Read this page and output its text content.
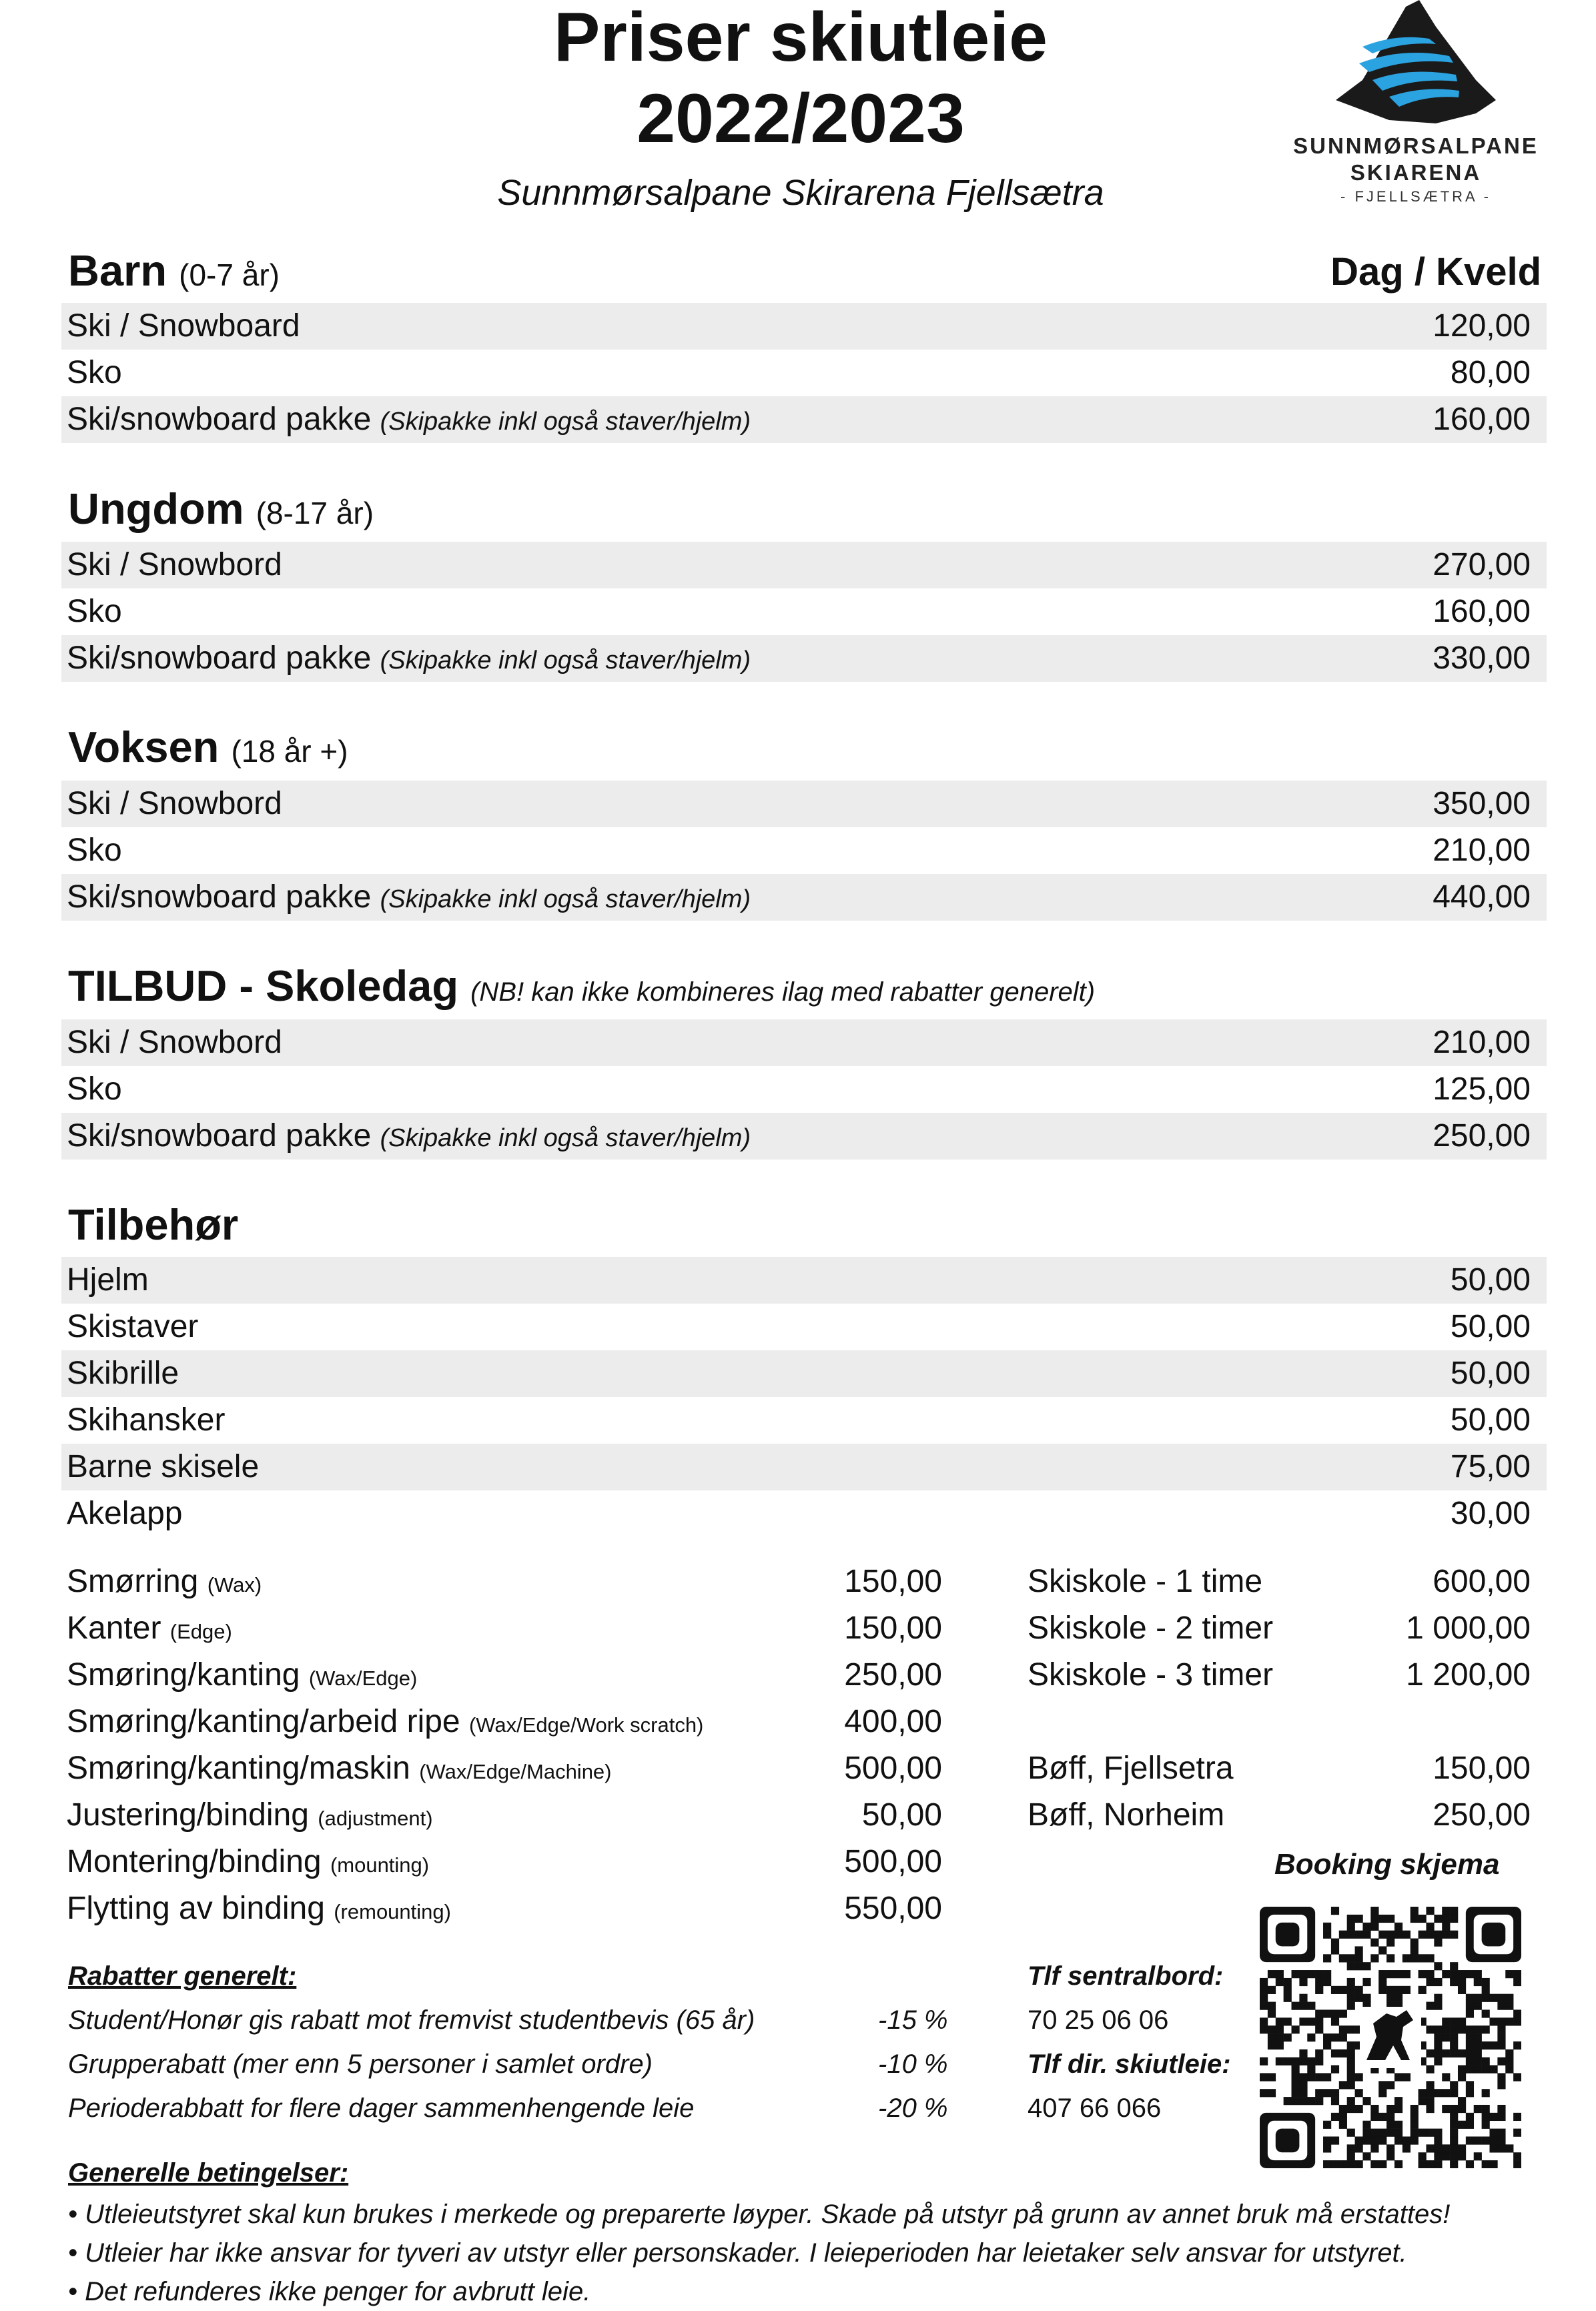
Priser skiutleie
2022/2023
Sunnmørsalpane Skirarena Fjellsætra
SUNNMØRSALPANE
SKIARENA
- FJELLSÆTRA -
Dag / Kveld
Barn (0-7 år)
Ski / Snowboard	120,00
Sko	80,00
Ski/snowboard pakke (Skipakke inkl også staver/hjelm)	160,00
Ungdom (8-17 år)
Ski / Snowbord	270,00
Sko	160,00
Ski/snowboard pakke (Skipakke inkl også staver/hjelm)	330,00
Voksen (18 år +)
Ski / Snowbord	350,00
Sko	210,00
Ski/snowboard pakke (Skipakke inkl også staver/hjelm)	440,00
TILBUD - Skoledag (NB! kan ikke kombineres ilag med rabatter generelt)
Ski / Snowbord	210,00
Sko	125,00
Ski/snowboard pakke (Skipakke inkl også staver/hjelm)	250,00
Tilbehør
Hjelm	50,00
Skistaver	50,00
Skibrille	50,00
Skihansker	50,00
Barne skisele	75,00
Akelapp	30,00
Smørring (Wax)	150,00
Kanter (Edge)	150,00
Smøring/kanting (Wax/Edge)	250,00
Smøring/kanting/arbeid ripe (Wax/Edge/Work scratch)	400,00
Smøring/kanting/maskin (Wax/Edge/Machine)	500,00
Justering/binding (adjustment)	50,00
Montering/binding (mounting)	500,00
Flytting av binding (remounting)	550,00
Skiskole - 1 time	600,00
Skiskole - 2 timer	1 000,00
Skiskole - 3 timer	1 200,00
Bøff, Fjellsetra	150,00
Bøff, Norheim	250,00
Booking skjema
Rabatter generelt:
Student/Honør gis rabatt mot fremvist studentbevis (65 år)	-15 %
Grupperabatt (mer enn 5 personer i samlet ordre)	-10 %
Perioderabbatt for flere dager sammenhengende leie	-20 %
Tlf sentralbord:
70 25 06 06
Tlf dir. skiutleie:
407 66 066
Generelle betingelser:
• Utleieutstyret skal kun brukes i merkede og preparerte løyper. Skade på utstyr på grunn av annet bruk må erstattes!
• Utleier har ikke ansvar for tyveri av utstyr eller personskader. I leieperioden har leietaker selv ansvar for utstyret.
• Det refunderes ikke penger for avbrutt leie.
